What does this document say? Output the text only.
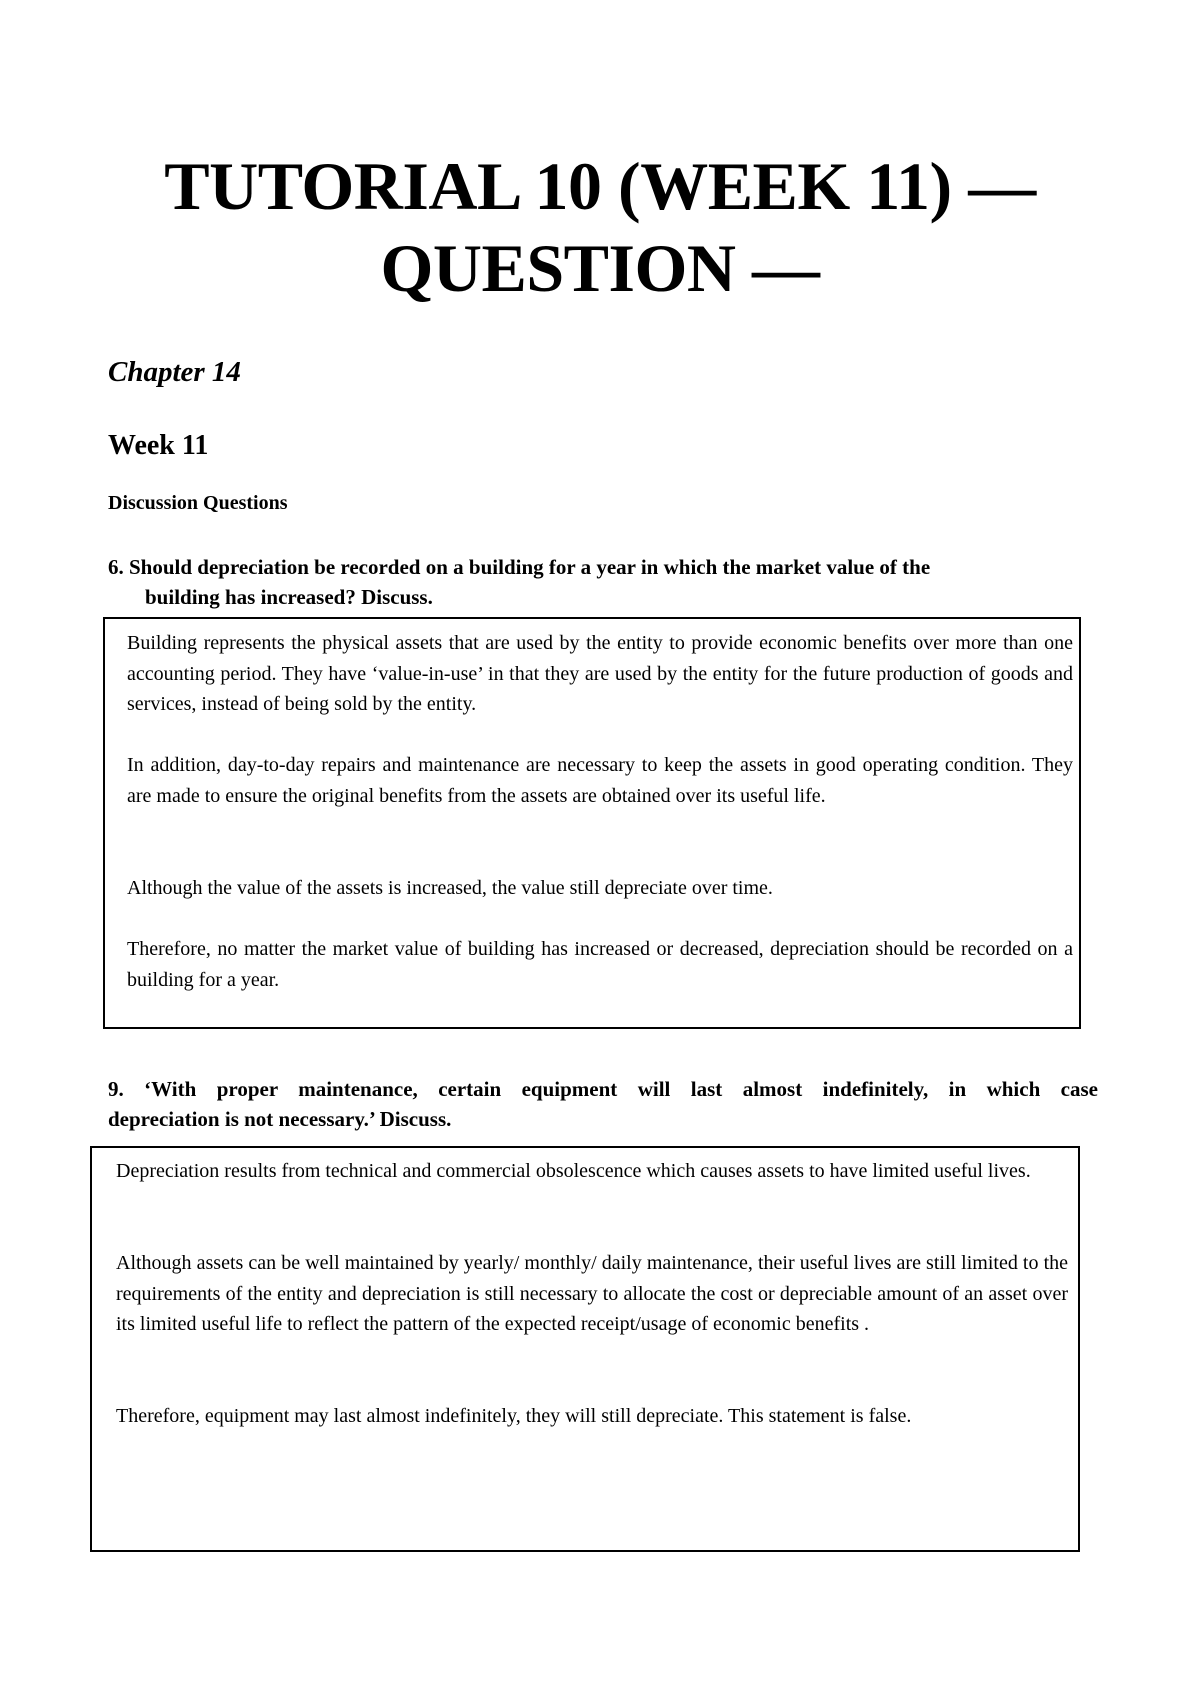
TUTORIAL 10 (WEEK 11) —
QUESTION —

Chapter 14

Week 11

Discussion Questions

6. Should depreciation be recorded on a building for a year in which the market value of the
building has increased? Discuss.

Building represents the physical assets that are used by the entity to provide economic benefits over more than one accounting period. They have ‘value-in-use’ in that they are used by the entity for the future production of goods and services, instead of being sold by the entity.

In addition, day-to-day repairs and maintenance are necessary to keep the assets in good operating condition. They are made to ensure the original benefits from the assets are obtained over its useful life.

Although the value of the assets is increased, the value still depreciate over time.

Therefore, no matter the market value of building has increased or decreased, depreciation should be recorded on a building for a year.

9. ‘With proper maintenance, certain equipment will last almost indefinitely, in which case
depreciation is not necessary.’ Discuss.

Depreciation results from technical and commercial obsolescence which causes assets to have limited useful lives.

Although assets can be well maintained by yearly/ monthly/ daily maintenance, their useful lives are still limited to the requirements of the entity and depreciation is still necessary to allocate the cost or depreciable amount of an asset over its limited useful life to reflect the pattern of the expected receipt/usage of economic benefits .

Therefore, equipment may last almost indefinitely, they will still depreciate. This statement is false.
